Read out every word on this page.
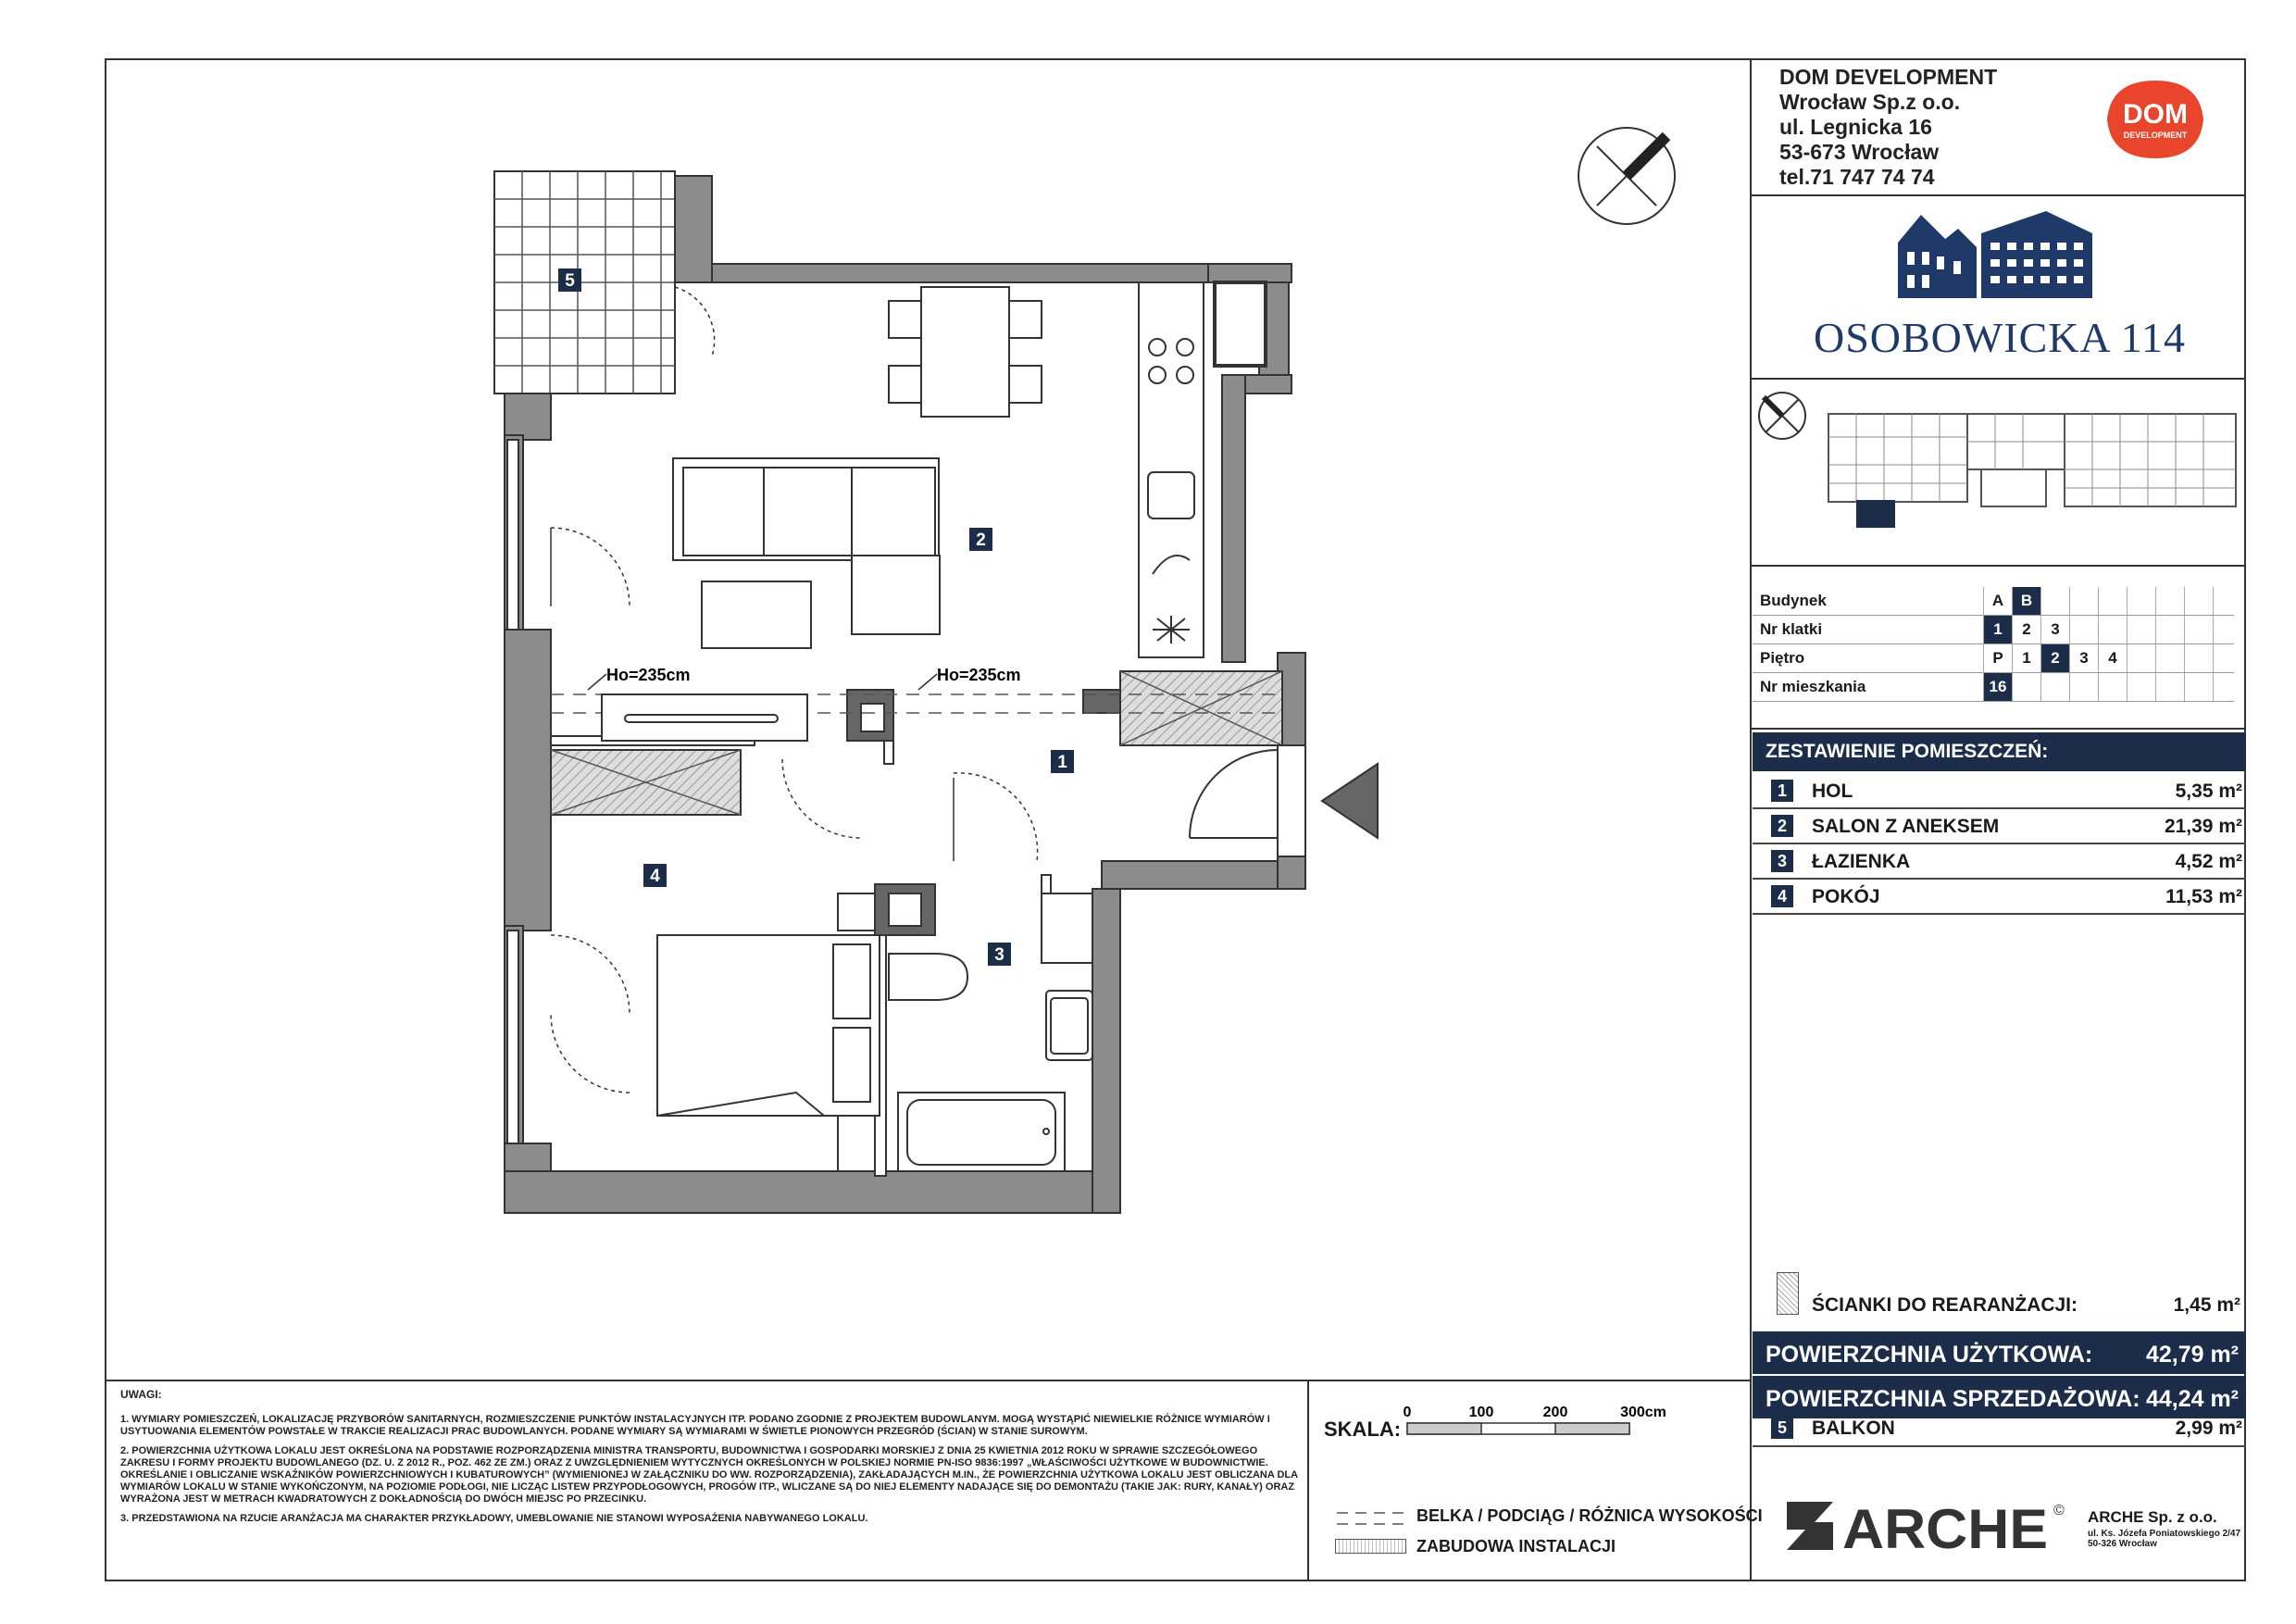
Ho=235cm	Ho=235cm
5
2
1
4
3
DOM DEVELOPMENT
Wrocław Sp.z o.o.
ul. Legnicka 16
53-673 Wrocław
tel.71 747 74 74
DOM
DEVELOPMENT
OSOBOWICKA 114
Budynek	A	B							
Nr klatki	1	2	3						
Piętro	P	1	2	3	4				
Nr mieszkania	16								
ZESTAWIENIE POMIESZCZEŃ:
1	HOL	5,35 m²
2	SALON Z ANEKSEM	21,39 m²
3	ŁAZIENKA	4,52 m²
4	POKÓJ	11,53 m²
ŚCIANKI DO REARANŻACJI:	1,45 m²
POWIERZCHNIA UŻYTKOWA: 42,79 m²
POWIERZCHNIA SPRZEDAŻOWA: 44,24 m²
5	BALKON	2,99 m²
UWAGI:

1. WYMIARY POMIESZCZEŃ, LOKALIZACJĘ PRZYBORÓW SANITARNYCH, ROZMIESZCZENIE PUNKTÓW INSTALACYJNYCH ITP. PODANO ZGODNIE Z PROJEKTEM BUDOWLANYM. MOGĄ WYSTĄPIĆ NIEWIELKIE RÓŻNICE WYMIARÓW I USYTUOWANIA ELEMENTÓW POWSTAŁE W TRAKCIE REALIZACJI PRAC BUDOWLANYCH. PODANE WYMIARY SĄ WYMIARAMI W ŚWIETLE PIONOWYCH PRZEGRÓD (ŚCIAN) W STANIE SUROWYM.

2. POWIERZCHNIA UŻYTKOWA LOKALU JEST OKREŚLONA NA PODSTAWIE ROZPORZĄDZENIA MINISTRA TRANSPORTU, BUDOWNICTWA I GOSPODARKI MORSKIEJ Z DNIA 25 KWIETNIA 2012 ROKU W SPRAWIE SZCZEGÓŁOWEGO ZAKRESU I FORMY PROJEKTU BUDOWLANEGO (DZ. U. Z 2012 R., POZ. 462 ZE ZM.) ORAZ Z UWZGLĘDNIENIEM WYTYCZNYCH OKREŚLONYCH W POLSKIEJ NORMIE PN-ISO 9836:1997 „WŁAŚCIWOŚCI UŻYTKOWE W BUDOWNICTWIE. OKREŚLANIE I OBLICZANIE WSKAŹNIKÓW POWIERZCHNIOWYCH I KUBATUROWYCH” (WYMIENIONEJ W ZAŁĄCZNIKU DO WW. ROZPORZĄDZENIA), ZAKŁADAJĄCYCH M.IN., ŻE POWIERZCHNIA UŻYTKOWA LOKALU JEST OBLICZANA DLA WYMIARÓW LOKALU W STANIE WYKOŃCZONYM, NA POZIOMIE PODŁOGI, NIE LICZĄC LISTEW PRZYPODŁOGOWYCH, PROGÓW ITP., WLICZANE SĄ DO NIEJ ELEMENTY NADAJĄCE SIĘ DO DEMONTAŻU (TAKIE JAK: RURY, KANAŁY) ORAZ WYRAŻONA JEST W METRACH KWADRATOWYCH Z DOKŁADNOŚCIĄ DO DWÓCH MIEJSC PO PRZECINKU.

3. PRZEDSTAWIONA NA RZUCIE ARANŻACJA MA CHARAKTER PRZYKŁADOWY, UMEBLOWANIE NIE STANOWI WYPOSAŻENIA NABYWANEGO LOKALU.

SKALA:
0	100	200	300cm
BELKA / PODCIĄG / RÓŻNICA WYSOKOŚCI
ZABUDOWA INSTALACJI	ARCHE © ARCHE Sp. z o.o.
ul. Ks. Józefa Poniatowskiego 2/47
50-326 Wrocław
